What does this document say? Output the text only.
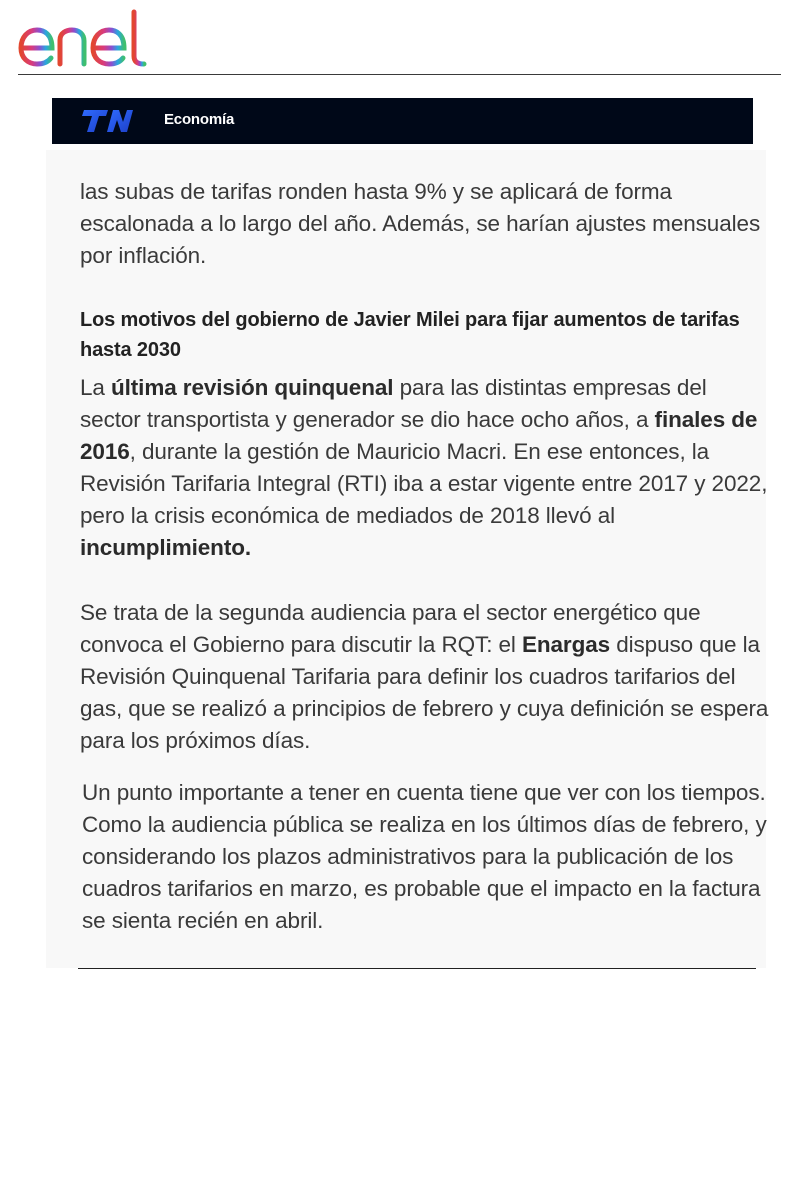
Economía

las subas de tarifas ronden hasta 9% y se aplicará de forma escalonada a lo largo del año. Además, se harían ajustes mensuales por inflación.

Los motivos del gobierno de Javier Milei para fijar aumentos de tarifas hasta 2030

La última revisión quinquenal para las distintas empresas del sector transportista y generador se dio hace ocho años, a finales de 2016, durante la gestión de Mauricio Macri. En ese entonces, la Revisión Tarifaria Integral (RTI) iba a estar vigente entre 2017 y 2022, pero la crisis económica de mediados de 2018 llevó al incumplimiento.

Se trata de la segunda audiencia para el sector energético que convoca el Gobierno para discutir la RQT: el Enargas dispuso que la Revisión Quinquenal Tarifaria para definir los cuadros tarifarios del gas, que se realizó a principios de febrero y cuya definición se espera para los próximos días.

Un punto importante a tener en cuenta tiene que ver con los tiempos. Como la audiencia pública se realiza en los últimos días de febrero, y considerando los plazos administrativos para la publicación de los cuadros tarifarios en marzo, es probable que el impacto en la factura se sienta recién en abril.
